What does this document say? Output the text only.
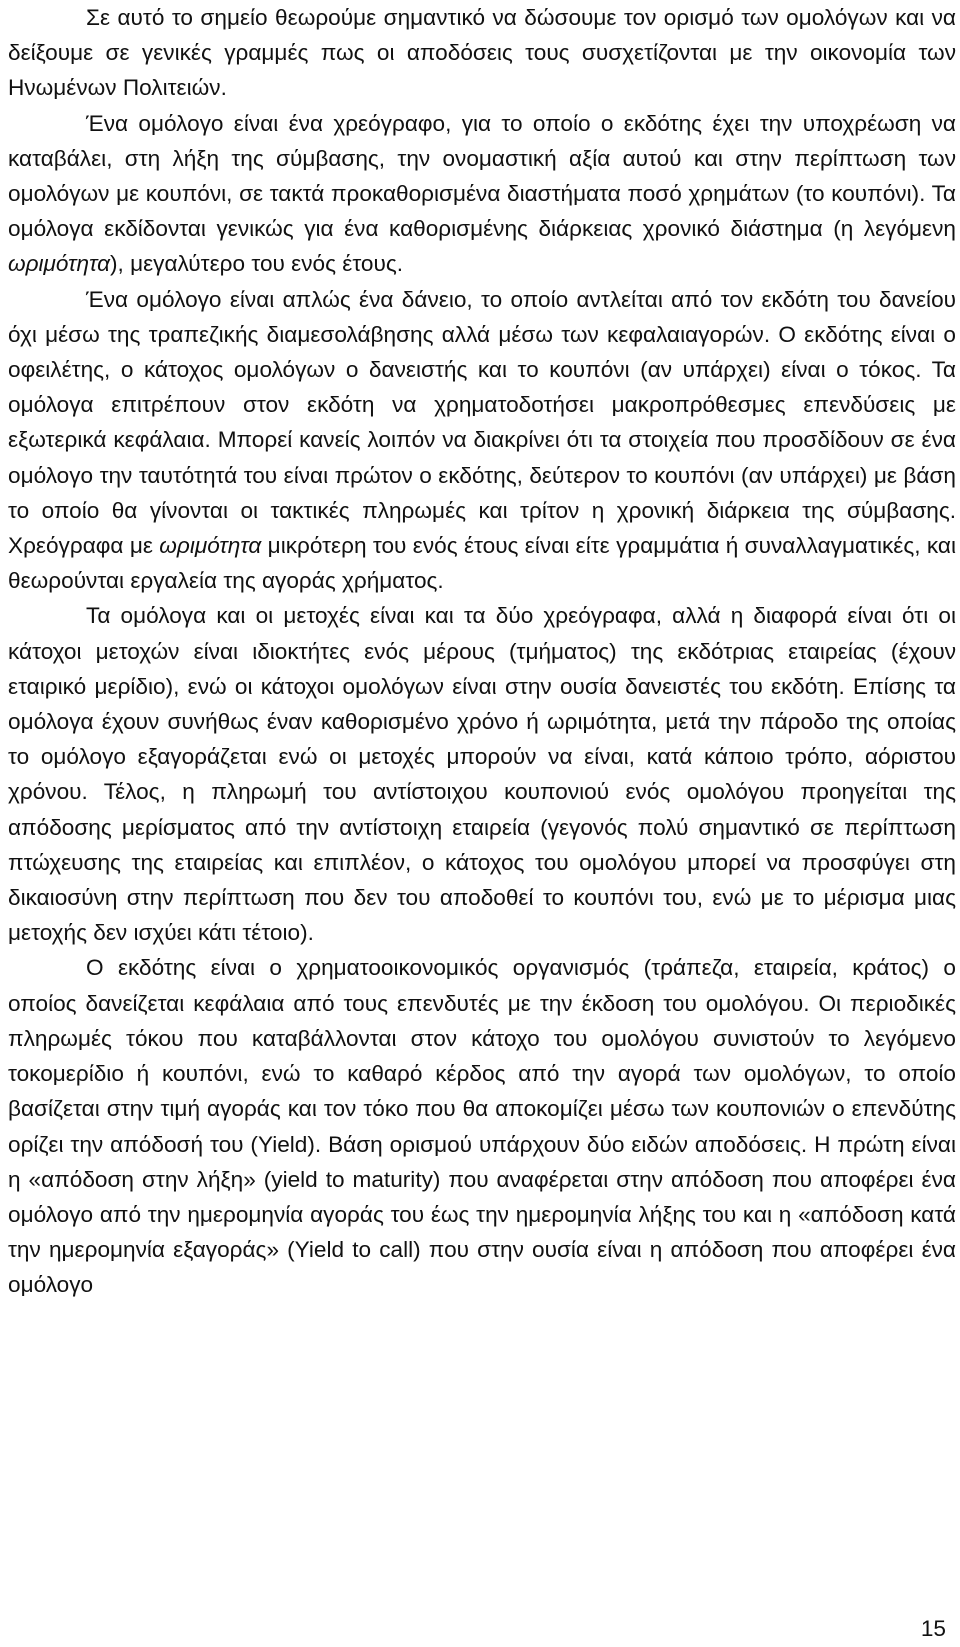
Σε αυτό το σημείο θεωρούμε σημαντικό να δώσουμε τον ορισμό των ομολόγων και να δείξουμε σε γενικές γραμμές πως οι αποδόσεις τους συσχετίζονται με την οικονομία των Ηνωμένων Πολιτειών.

Ένα ομόλογο είναι ένα χρεόγραφο, για το οποίο ο εκδότης έχει την υποχρέωση να καταβάλει, στη λήξη της σύμβασης, την ονομαστική αξία αυτού και στην περίπτωση των ομολόγων με κουπόνι, σε τακτά προκαθορισμένα διαστήματα ποσό χρημάτων (το κουπόνι). Τα ομόλογα εκδίδονται γενικώς για ένα καθορισμένης διάρκειας χρονικό διάστημα (η λεγόμενη ωριμότητα), μεγαλύτερο του ενός έτους.

Ένα ομόλογο είναι απλώς ένα δάνειο, το οποίο αντλείται από τον εκδότη του δανείου όχι μέσω της τραπεζικής διαμεσολάβησης αλλά μέσω των κεφαλαιαγορών. Ο εκδότης είναι ο οφειλέτης, ο κάτοχος ομολόγων ο δανειστής και το κουπόνι (αν υπάρχει) είναι ο τόκος. Τα ομόλογα επιτρέπουν στον εκδότη να χρηματοδοτήσει μακροπρόθεσμες επενδύσεις με εξωτερικά κεφάλαια. Μπορεί κανείς λοιπόν να διακρίνει ότι τα στοιχεία που προσδίδουν σε ένα ομόλογο την ταυτότητά του είναι πρώτον ο εκδότης, δεύτερον το κουπόνι (αν υπάρχει) με βάση το οποίο θα γίνονται οι τακτικές πληρωμές και τρίτον η χρονική διάρκεια της σύμβασης. Χρεόγραφα με ωριμότητα μικρότερη του ενός έτους είναι είτε γραμμάτια ή συναλλαγματικές, και θεωρούνται εργαλεία της αγοράς χρήματος.

Τα ομόλογα και οι μετοχές είναι και τα δύο χρεόγραφα, αλλά η διαφορά είναι ότι οι κάτοχοι μετοχών είναι ιδιοκτήτες ενός μέρους (τμήματος) της εκδότριας εταιρείας (έχουν εταιρικό μερίδιο), ενώ οι κάτοχοι ομολόγων είναι στην ουσία δανειστές του εκδότη. Επίσης τα ομόλογα έχουν συνήθως έναν καθορισμένο χρόνο ή ωριμότητα, μετά την πάροδο της οποίας το ομόλογο εξαγοράζεται ενώ οι μετοχές μπορούν να είναι, κατά κάποιο τρόπο, αόριστου χρόνου. Τέλος, η πληρωμή του αντίστοιχου κουπονιού ενός ομολόγου προηγείται της απόδοσης μερίσματος από την αντίστοιχη εταιρεία (γεγονός πολύ σημαντικό σε περίπτωση πτώχευσης της εταιρείας και επιπλέον, ο κάτοχος του ομολόγου μπορεί να προσφύγει στη δικαιοσύνη στην περίπτωση που δεν του αποδοθεί το κουπόνι του, ενώ με το μέρισμα μιας μετοχής δεν ισχύει κάτι τέτοιο).

Ο εκδότης είναι ο χρηματοοικονομικός οργανισμός (τράπεζα, εταιρεία, κράτος) ο οποίος δανείζεται κεφάλαια από τους επενδυτές με την έκδοση του ομολόγου. Οι περιοδικές πληρωμές τόκου που καταβάλλονται στον κάτοχο του ομολόγου συνιστούν το λεγόμενο τοκομερίδιο ή κουπόνι, ενώ το καθαρό κέρδος από την αγορά των ομολόγων, το οποίο βασίζεται στην τιμή αγοράς και τον τόκο που θα αποκομίζει μέσω των κουπονιών ο επενδύτης ορίζει την απόδοσή του (Yield). Βάση ορισμού υπάρχουν δύο ειδών αποδόσεις. Η πρώτη είναι η «απόδοση στην λήξη» (yield to maturity) που αναφέρεται στην απόδοση που αποφέρει ένα ομόλογο από την ημερομηνία αγοράς του έως την ημερομηνία λήξης του και η «απόδοση κατά την ημερομηνία εξαγοράς» (Yield to call) που στην ουσία είναι η απόδοση που αποφέρει ένα ομόλογο

15
